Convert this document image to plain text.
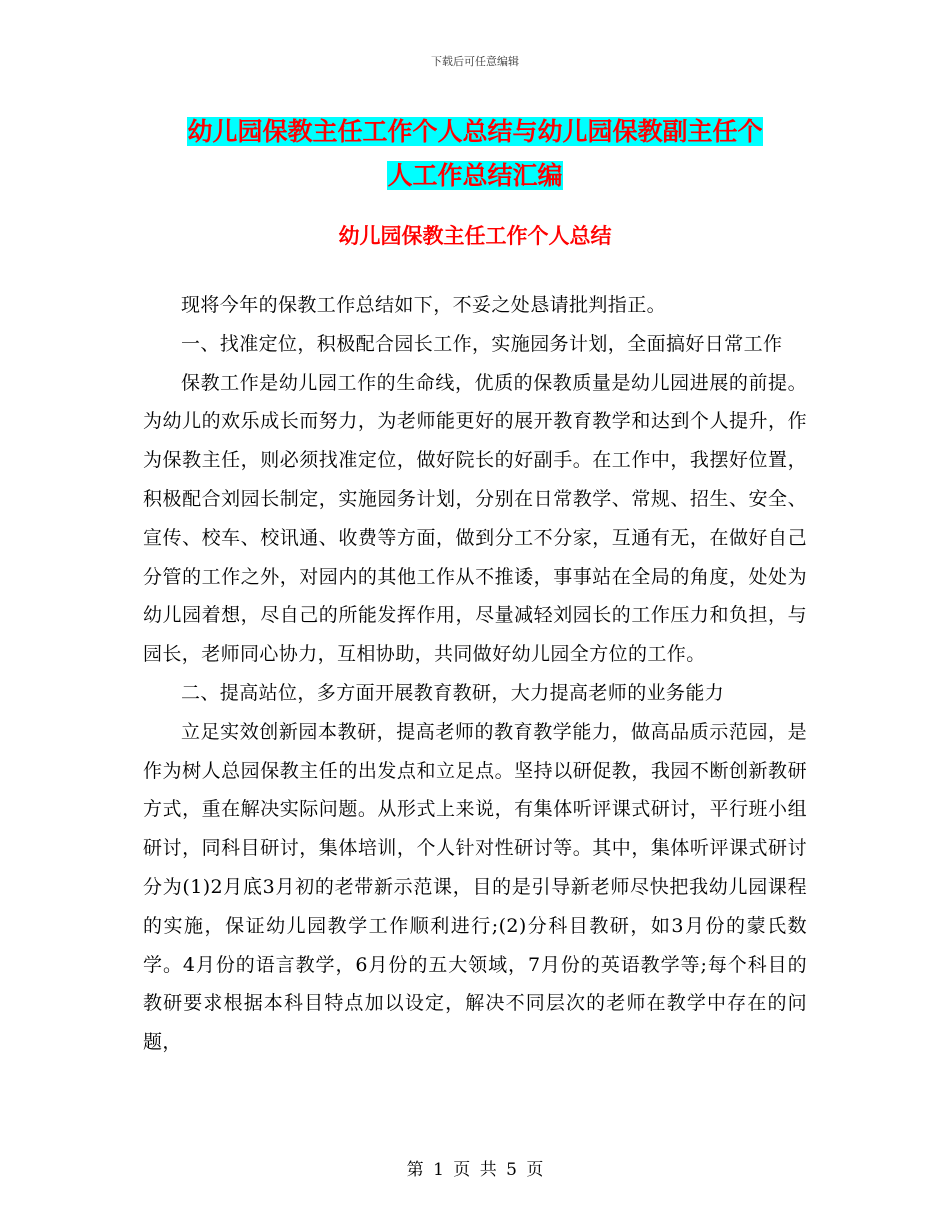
下载后可任意编辑
幼儿园保教主任工作个人总结与幼儿园保教副主任个
人工作总结汇编
幼儿园保教主任工作个人总结

现将今年的保教工作总结如下，不妥之处恳请批判指正。

一、找准定位，积极配合园长工作，实施园务计划，全面搞好日常工作

保教工作是幼儿园工作的生命线，优质的保教质量是幼儿园进展的前提。为幼儿的欢乐成长而努力，为老师能更好的展开教育教学和达到个人提升，作为保教主任，则必须找准定位，做好院长的好副手。在工作中，我摆好位置，积极配合刘园长制定，实施园务计划，分别在日常教学、常规、招生、安全、宣传、校车、校讯通、收费等方面，做到分工不分家，互通有无，在做好自己分管的工作之外，对园内的其他工作从不推诿，事事站在全局的角度，处处为幼儿园着想，尽自己的所能发挥作用，尽量减轻刘园长的工作压力和负担，与园长，老师同心协力，互相协助，共同做好幼儿园全方位的工作。

二、提高站位，多方面开展教育教研，大力提高老师的业务能力

立足实效创新园本教研，提高老师的教育教学能力，做高品质示范园，是作为树人总园保教主任的出发点和立足点。坚持以研促教，我园不断创新教研方式，重在解决实际问题。从形式上来说，有集体听评课式研讨，平行班小组研讨，同科目研讨，集体培训，个人针对性研讨等。其中，集体听评课式研讨分为(1)2月底3月初的老带新示范课，目的是引导新老师尽快把我幼儿园课程的实施，保证幼儿园教学工作顺利进行;(2)分科目教研，如3月份的蒙氏数学。4月份的语言教学，6月份的五大领域，7月份的英语教学等;每个科目的教研要求根据本科目特点加以设定，解决不同层次的老师在教学中存在的问题，

第 1 页 共 5 页
